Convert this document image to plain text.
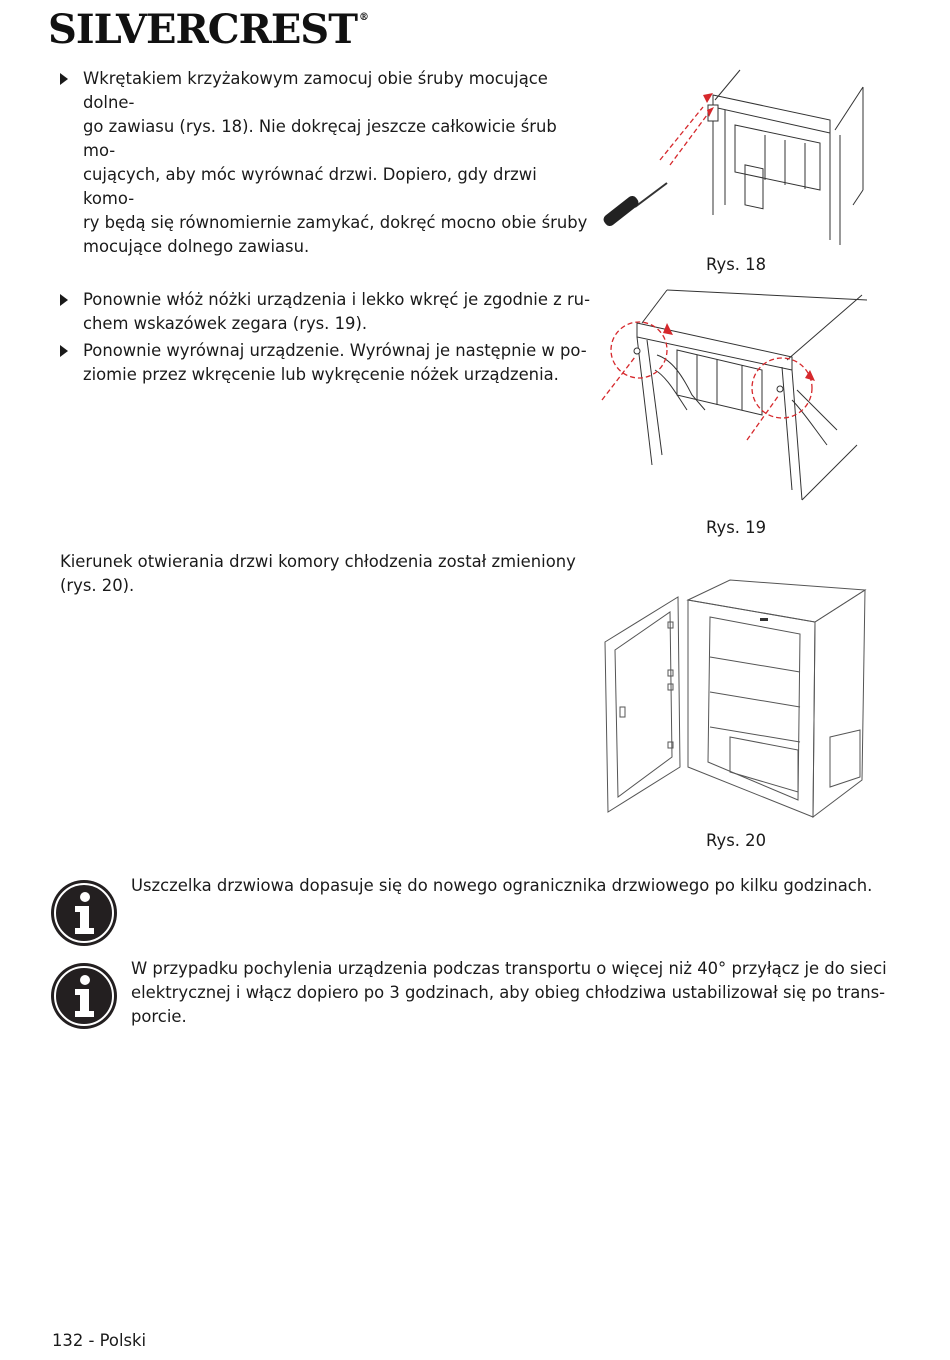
SILVERCREST ®
Wkrętakiem krzyżakowym zamocuj obie śruby mocujące dolne-
go zawiasu (rys. 18). Nie dokręcaj jeszcze całkowicie śrub mo-
cujących, aby móc wyrównać drzwi. Dopiero, gdy drzwi komo-
ry będą się równomiernie zamykać, dokręć mocno obie śruby
mocujące dolnego zawiasu.
Ponownie włóż nóżki urządzenia i lekko wkręć je zgodnie z ru-
chem wskazówek zegara (rys. 19).
Ponownie wyrównaj urządzenie. Wyrównaj je następnie w po-
ziomie przez wkręcenie lub wykręcenie nóżek urządzenia.
Kierunek otwierania drzwi komory chłodzenia został zmieniony
(rys. 20).
Rys. 18
Rys. 19
Rys. 20
Uszczelka drzwiowa dopasuje się do nowego ogranicznika drzwiowego po kilku godzinach.
W przypadku pochylenia urządzenia podczas transportu o więcej niż 40° przyłącz je do sieci
elektrycznej i włącz dopiero po 3 godzinach, aby obieg chłodziwa ustabilizował się po trans-
porcie.
132 - Polski
